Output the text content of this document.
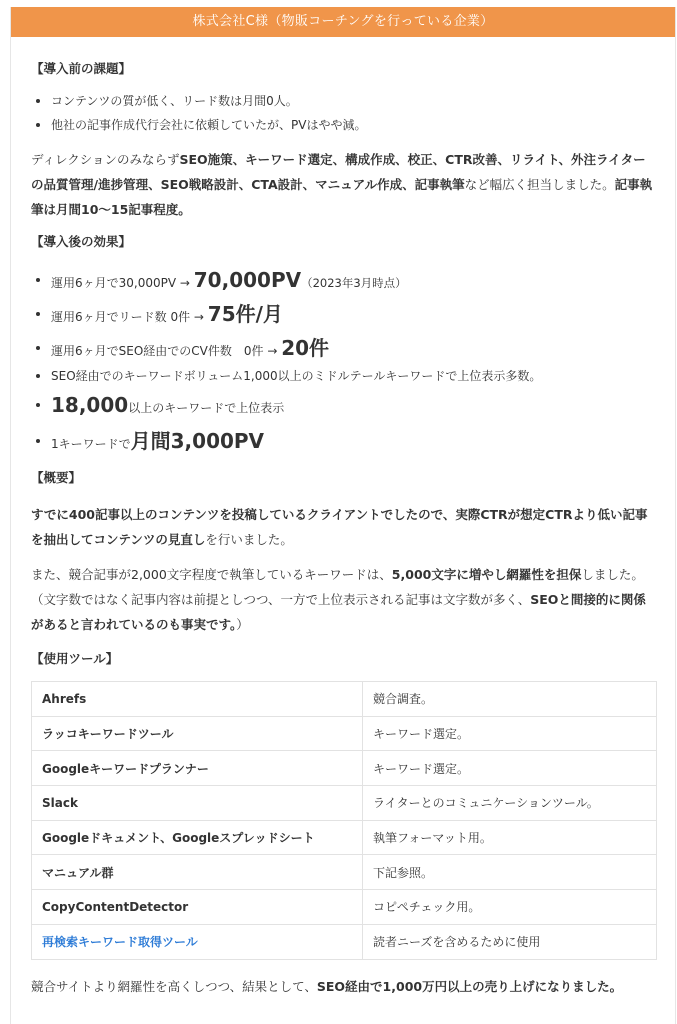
株式会社C様（物販コーチングを行っている企業）
【導入前の課題】
コンテンツの質が低く、リード数は月間0人。
他社の記事作成代行会社に依頼していたが、PVはやや減。

ディレクションのみならずSEO施策、キーワード選定、構成作成、校正、CTR改善、リライト、外注ライターの品質管理/進捗管理、SEO戦略設計、CTA設計、マニュアル作成、記事執筆など幅広く担当しました。記事執筆は月間10〜15記事程度。

【導入後の効果】
運用6ヶ月で30,000PV → 70,000PV（2023年3月時点）
運用6ヶ月でリード数 0件 → 75件/月
運用6ヶ月でSEO経由でのCV件数　0件 → 20件
SEO経由でのキーワードボリューム1,000以上のミドルテールキーワードで上位表示多数。
18,000以上のキーワードで上位表示
1キーワードで月間3,000PV
【概要】

すでに400記事以上のコンテンツを投稿しているクライアントでしたので、実際CTRが想定CTRより低い記事を抽出してコンテンツの見直しを行いました。

また、競合記事が2,000文字程度で執筆しているキーワードは、5,000文字に増やし網羅性を担保しました。（文字数ではなく記事内容は前提としつつ、一方で上位表示される記事は文字数が多く、SEOと間接的に関係があると言われているのも事実です。）

【使用ツール】
Ahrefs	競合調査。
ラッコキーワードツール	キーワード選定。
Googleキーワードプランナー	キーワード選定。
Slack	ライターとのコミュニケーションツール。
Googleドキュメント、Googleスプレッドシート	執筆フォーマット用。
マニュアル群	下記参照。
CopyContentDetector	コピペチェック用。
再検索キーワード取得ツール	読者ニーズを含めるために使用

競合サイトより網羅性を高くしつつ、結果として、SEO経由で1,000万円以上の売り上げになりました。
